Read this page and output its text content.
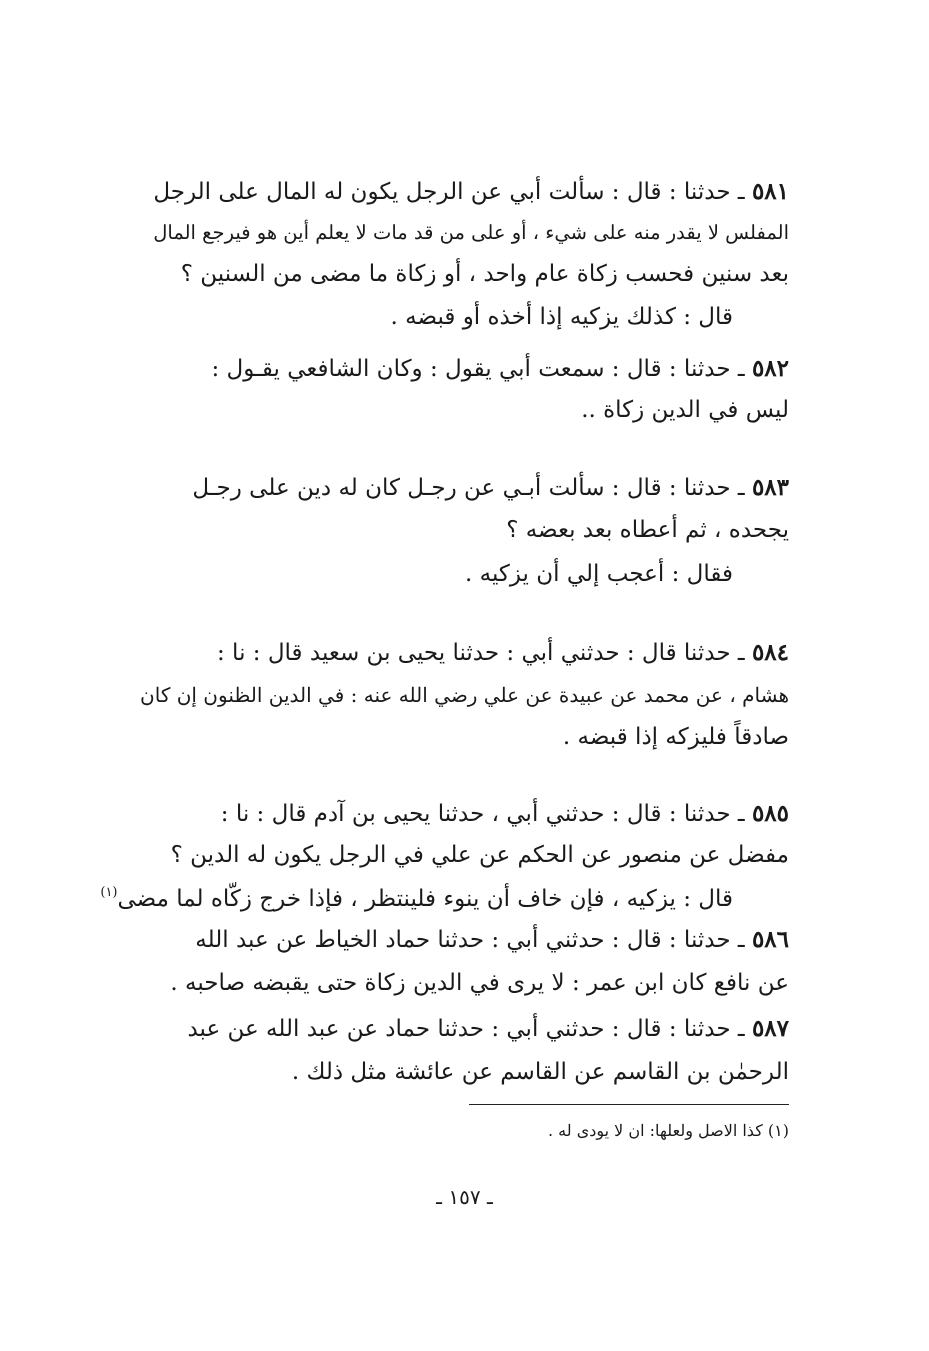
٥٨١ ـ حدثنا : قال : سألت أبي عن الرجل يكون له المال على الرجل
المفلس لا يقدر منه على شيء ، أو على من قد مات لا يعلم أين هو فيرجع المال
بعد سنين فحسب زكاة عام واحد ، أو زكاة ما مضى من السنين ؟
قال : كذلك يزكيه إذا أخذه أو قبضه .
٥٨٢ ـ حدثنا : قال : سمعت أبي يقول : وكان الشافعي يقـول :
ليس في الدين زكاة ..
٥٨٣ ـ حدثنا : قال : سألت أبـي عن رجـل كان له دين على رجـل
يجحده ، ثم أعطاه بعد بعضه ؟
فقال : أعجب إلي أن يزكيه .
٥٨٤ ـ حدثنا قال : حدثني أبي : حدثنا يحيى بن سعيد قال : نا :
هشام ، عن محمد عن عبيدة عن علي رضي الله عنه : في الدين الظنون إن كان
صادقاً فليزكه إذا قبضه .
٥٨٥ ـ حدثنا : قال : حدثني أبي ، حدثنا يحيى بن آدم قال : نا :
مفضل عن منصور عن الحكم عن علي في الرجل يكون له الدين ؟
قال : يزكيه ، فإن خاف أن ينوء فلينتظر ، فإذا خرج زكّاه لما مضى$^{(١)}$
٥٨٦ ـ حدثنا : قال : حدثني أبي : حدثنا حماد الخياط عن عبد الله
عن نافع كان ابن عمر : لا يرى في الدين زكاة حتى يقبضه صاحبه .
٥٨٧ ـ حدثنا : قال : حدثني أبي : حدثنا حماد عن عبد الله عن عبد
الرحمٰن بن القاسم عن القاسم عن عائشة مثل ذلك .
(١) كذا الاصل ولعلها: ان لا يودى له .
ـ ١٥٧ ـ
